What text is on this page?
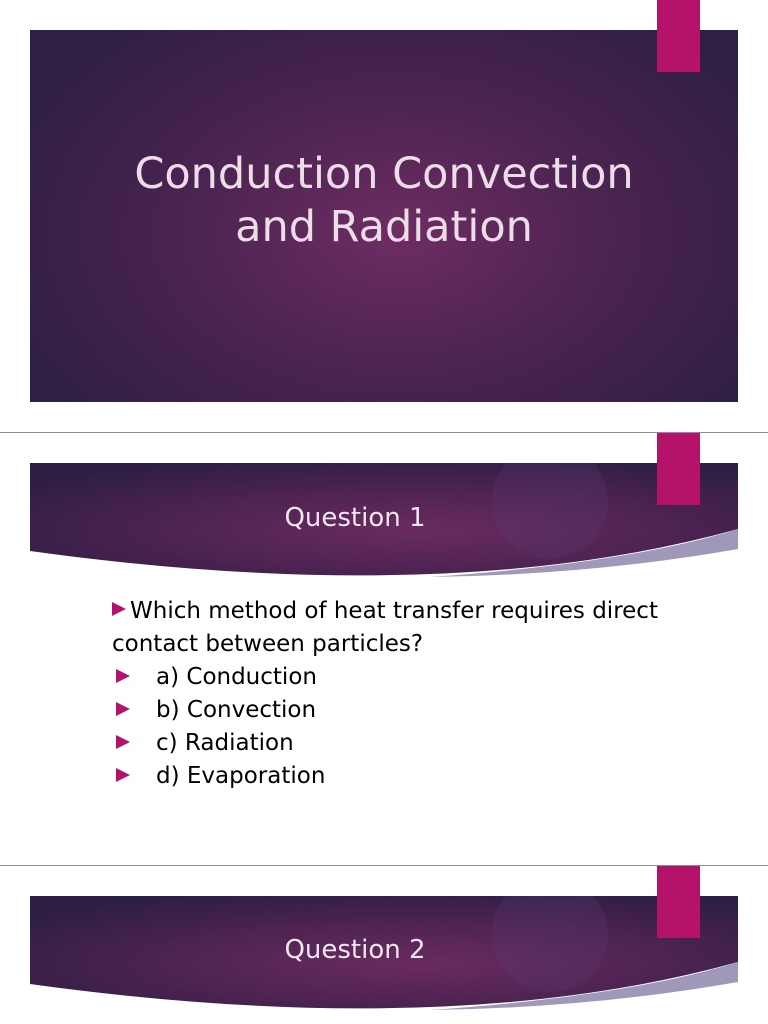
Conduction Convection
and Radiation
Question 1

Which method of heat transfer requires direct contact between particles?

a) Conduction
b) Convection
c) Radiation
d) Evaporation
Question 2
